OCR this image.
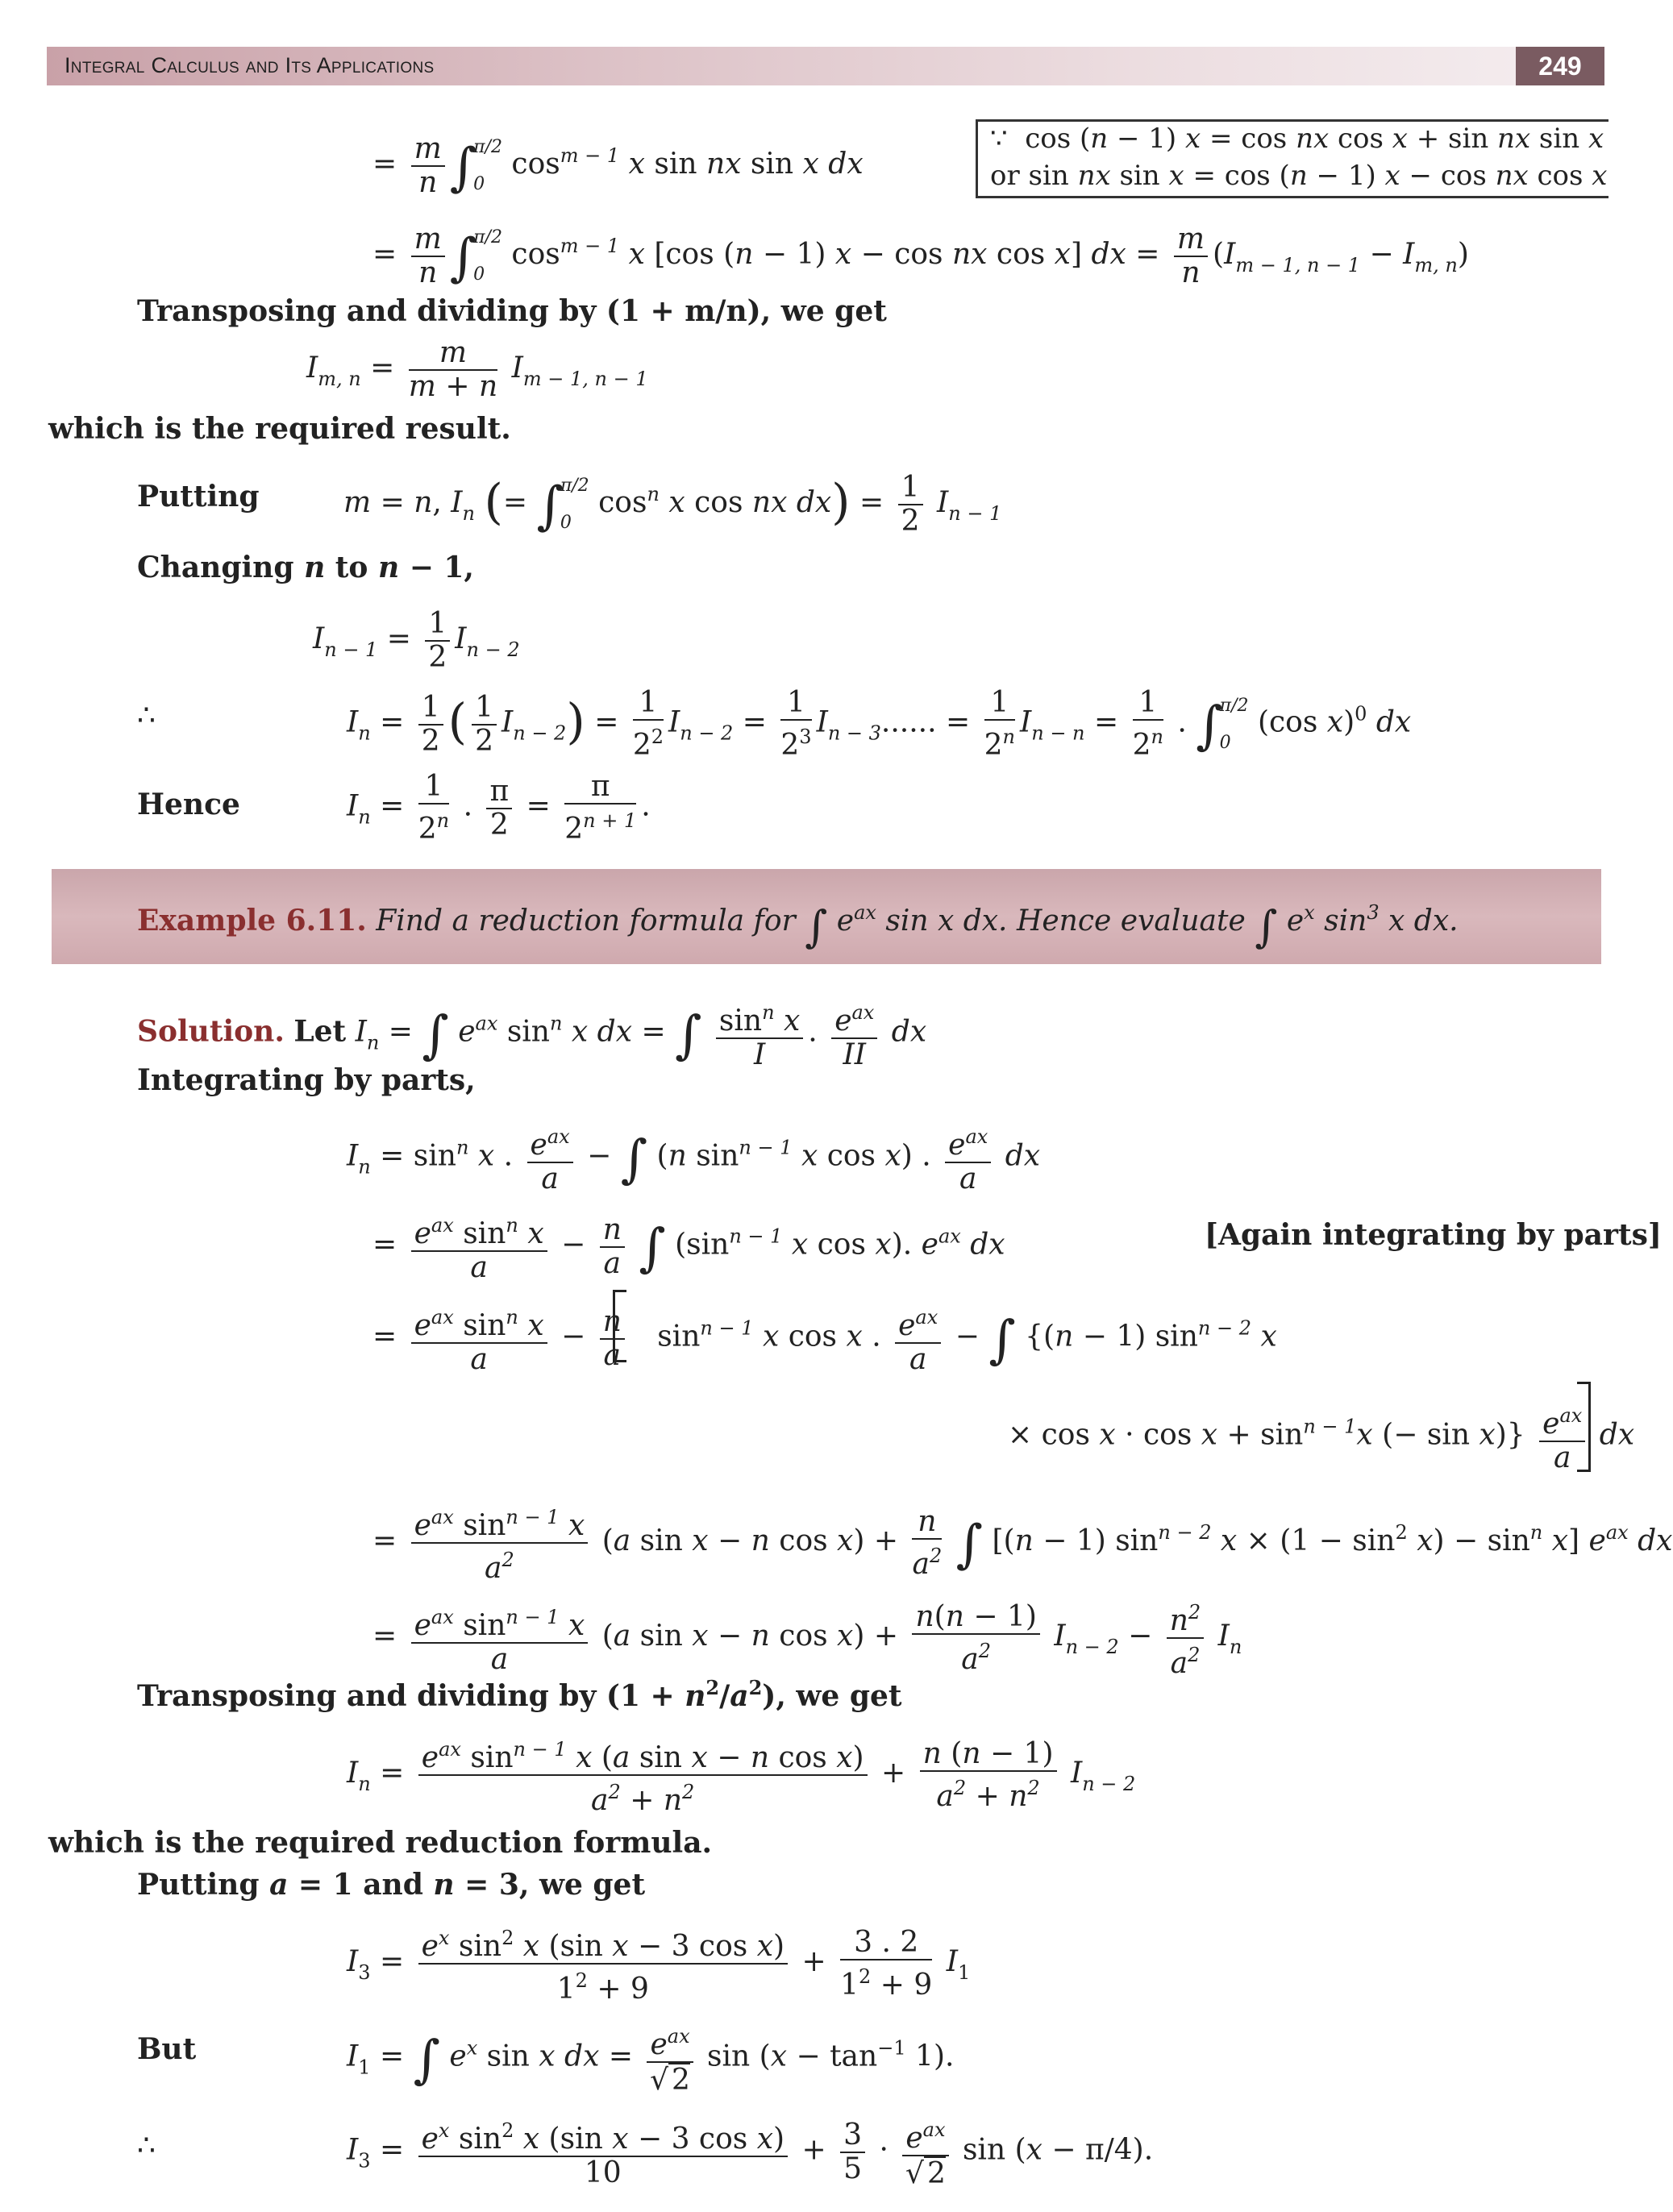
Integral Calculus and Its Applications	249
= $\frac{m}{n}$ ∫
π/2
0
$\cos^{m - 1} x$ sin nx sin x dx
∵  cos (n − 1) x = cos nx cos x + sin nx sin x
or sin nx sin x = cos (n − 1) x − cos nx cos x
= $\frac{m}{n}$ ∫
π/2
0
$\cos^{m - 1} x$ [cos (n − 1) x − cos nx cos x] dx = $\frac{m}{n} (I_{m - 1, n - 1} - I_{m, n})$
Transposing and dividing by (1 + m/n), we get
$I_{m, n} = \frac{m}{m + n} I_{m - 1, n - 1}$
which is the required result.
Putting	m = n, $I_n$ (= ∫
π/2
0
$\cos^n x$ cos nx $dx) = \frac{1}{2} I_{n - 1}$
Changing n to n − 1,
$I_{n - 1} = \frac{1}{2} I_{n - 2}$
∴	$I_n = \frac{1}{2}$ ( $\frac{1}{2} I_{n - 2}) = \frac{1}{2^2} I_{n - 2} = \frac{1}{2^3} I_{n - 3}$...... = $\frac{1}{2^n} I_{n - n} = \frac{1}{2^n}$ . ∫
π/2
0
(cos x)$^0$ dx
Hence	$I_n = \frac{1}{2^n}$ . $\frac{\pi}{2} = \frac{\pi}{2^{n + 1}}$ .
Example 6.11. Find a reduction formula for ∫ $e^{ax}$ sin x dx. Hence evaluate ∫ $e^x$ $\sin^3 x$ dx.
Solution. Let $I_n$ = ∫ $e^{ax}$ $\sin^n x$ dx = ∫ $\frac{\sin^n x}{I}$ . $\frac{e^{ax}}{II}$ dx
Integrating by parts,
$I_n = \sin^n x$ . $\frac{e^{ax}}{a}$ − ∫ (n $\sin^{n - 1} x$ cos x) . $\frac{e^{ax}}{a}$ dx
= $\frac{e^{ax} \sin^n x}{a} - \frac{n}{a}$ ∫ ($\sin^{n - 1}$ x cos x). $e^{ax}$ dx	[Again integrating by parts]
= $\frac{e^{ax} \sin^n x}{a} - \frac{n}{a} \sin^{n - 1} x$ cos x . $\frac{e^{ax}}{a}$ − ∫ {(n − 1) $\sin^{n - 2} x$
× $\cos x \cdot \cos x + \sin^{n - 1}x$ (− $\sin x)\} \frac{e^{ax}}{a}$ dx
= $\frac{e^{ax} \sin^{n - 1} x}{a^2} (a$ sin x − n $\cos x) + \frac{n}{a^2}$ ∫ [(n − 1) $\sin^{n - 2} x \times (1 - \sin^2 x) - \sin^n x$] $e^{ax}$ dx
= $\frac{e^{ax} \sin^{n - 1} x}{a} (a$ sin x − n $\cos x) + \frac{n(n - 1)}{a^2} I_{n - 2} - \frac{n^2}{a^2} I_n$
Transposing and dividing by $(1 + n^2/a^2)$, we get
$I_n = \frac{e^{ax} \sin^{n - 1} x (a \sin x - n \cos x)}{a^2 + n^2} + \frac{n (n - 1)}{a^2 + n^2} I_{n - 2}$
which is the required reduction formula.
Putting a = 1 and n = 3, we get
$I_3 = \frac{e^x \sin^2 x (\sin x - 3 \cos x)}{1^2 + 9} + \frac{3 . 2}{1^2 + 9} I_1$
But	$I_1$ = ∫ $e^x$ sin x dx = $\frac{e^{ax}}{√ 2}$ $\sin (x - \tan^{-1} 1)$.
∴	$I_3 = \frac{e^x \sin^2 x (\sin x - 3 \cos x)}{10} + \frac{3}{5} \cdot \frac{e^{ax}}{√ 2}$ sin (x − π/4).
